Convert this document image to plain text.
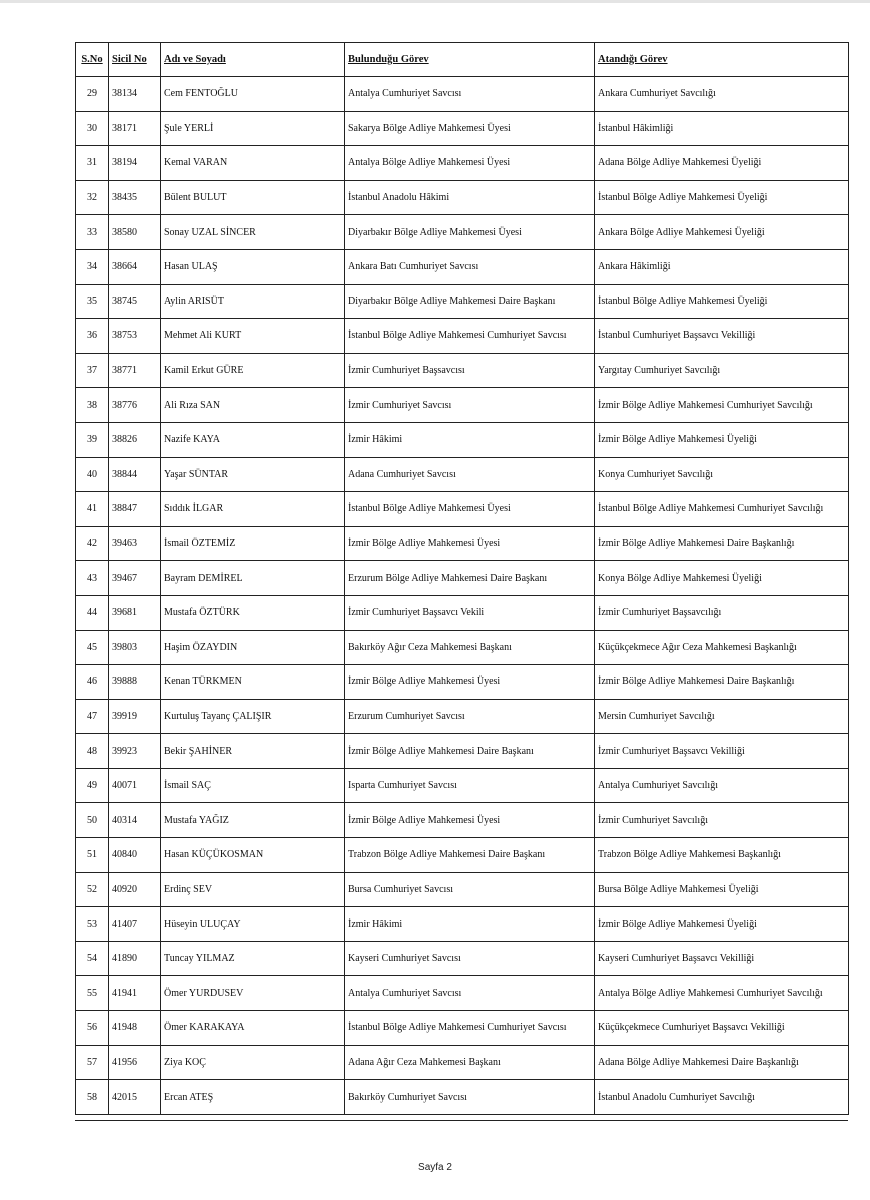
S.No	Sicil No	Adı ve Soyadı	Bulunduğu Görev	Atandığı Görev
29	38134	Cem FENTOĞLU	Antalya Cumhuriyet Savcısı	Ankara Cumhuriyet Savcılığı
30	38171	Şule YERLİ	Sakarya Bölge Adliye Mahkemesi Üyesi	İstanbul Hâkimliği
31	38194	Kemal VARAN	Antalya Bölge Adliye Mahkemesi Üyesi	Adana Bölge Adliye Mahkemesi Üyeliği
32	38435	Bülent BULUT	İstanbul Anadolu Hâkimi	İstanbul Bölge Adliye Mahkemesi Üyeliği
33	38580	Sonay UZAL SİNCER	Diyarbakır Bölge Adliye Mahkemesi Üyesi	Ankara Bölge Adliye Mahkemesi Üyeliği
34	38664	Hasan ULAŞ	Ankara Batı Cumhuriyet Savcısı	Ankara Hâkimliği
35	38745	Aylin ARISÜT	Diyarbakır Bölge Adliye Mahkemesi Daire Başkanı	İstanbul Bölge Adliye Mahkemesi Üyeliği
36	38753	Mehmet Ali KURT	İstanbul Bölge Adliye Mahkemesi Cumhuriyet Savcısı	İstanbul Cumhuriyet Başsavcı Vekilliği
37	38771	Kamil Erkut GÜRE	İzmir Cumhuriyet Başsavcısı	Yargıtay Cumhuriyet Savcılığı
38	38776	Ali Rıza SAN	İzmir Cumhuriyet Savcısı	İzmir Bölge Adliye Mahkemesi Cumhuriyet Savcılığı
39	38826	Nazife KAYA	İzmir Hâkimi	İzmir Bölge Adliye Mahkemesi Üyeliği
40	38844	Yaşar SÜNTAR	Adana Cumhuriyet Savcısı	Konya Cumhuriyet Savcılığı
41	38847	Sıddık İLGAR	İstanbul Bölge Adliye Mahkemesi Üyesi	İstanbul Bölge Adliye Mahkemesi Cumhuriyet Savcılığı
42	39463	İsmail ÖZTEMİZ	İzmir Bölge Adliye Mahkemesi Üyesi	İzmir Bölge Adliye Mahkemesi Daire Başkanlığı
43	39467	Bayram DEMİREL	Erzurum Bölge Adliye Mahkemesi Daire Başkanı	Konya Bölge Adliye Mahkemesi Üyeliği
44	39681	Mustafa ÖZTÜRK	İzmir Cumhuriyet Başsavcı Vekili	İzmir Cumhuriyet Başsavcılığı
45	39803	Haşim ÖZAYDIN	Bakırköy Ağır Ceza Mahkemesi Başkanı	Küçükçekmece Ağır Ceza Mahkemesi Başkanlığı
46	39888	Kenan TÜRKMEN	İzmir Bölge Adliye Mahkemesi Üyesi	İzmir Bölge Adliye Mahkemesi Daire Başkanlığı
47	39919	Kurtuluş Tayanç ÇALIŞIR	Erzurum Cumhuriyet Savcısı	Mersin Cumhuriyet Savcılığı
48	39923	Bekir ŞAHİNER	İzmir Bölge Adliye Mahkemesi Daire Başkanı	İzmir Cumhuriyet Başsavcı Vekilliği
49	40071	İsmail SAÇ	Isparta Cumhuriyet Savcısı	Antalya Cumhuriyet Savcılığı
50	40314	Mustafa YAĞIZ	İzmir Bölge Adliye Mahkemesi Üyesi	İzmir Cumhuriyet Savcılığı
51	40840	Hasan KÜÇÜKOSMAN	Trabzon Bölge Adliye Mahkemesi Daire Başkanı	Trabzon Bölge Adliye Mahkemesi Başkanlığı
52	40920	Erdinç SEV	Bursa Cumhuriyet Savcısı	Bursa Bölge Adliye Mahkemesi Üyeliği
53	41407	Hüseyin ULUÇAY	İzmir Hâkimi	İzmir Bölge Adliye Mahkemesi Üyeliği
54	41890	Tuncay YILMAZ	Kayseri Cumhuriyet Savcısı	Kayseri Cumhuriyet Başsavcı Vekilliği
55	41941	Ömer YURDUSEV	Antalya Cumhuriyet Savcısı	Antalya Bölge Adliye Mahkemesi Cumhuriyet Savcılığı
56	41948	Ömer KARAKAYA	İstanbul Bölge Adliye Mahkemesi Cumhuriyet Savcısı	Küçükçekmece Cumhuriyet Başsavcı Vekilliği
57	41956	Ziya KOÇ	Adana Ağır Ceza Mahkemesi Başkanı	Adana Bölge Adliye Mahkemesi Daire Başkanlığı
58	42015	Ercan ATEŞ	Bakırköy Cumhuriyet Savcısı	İstanbul Anadolu Cumhuriyet Savcılığı
Sayfa 2
